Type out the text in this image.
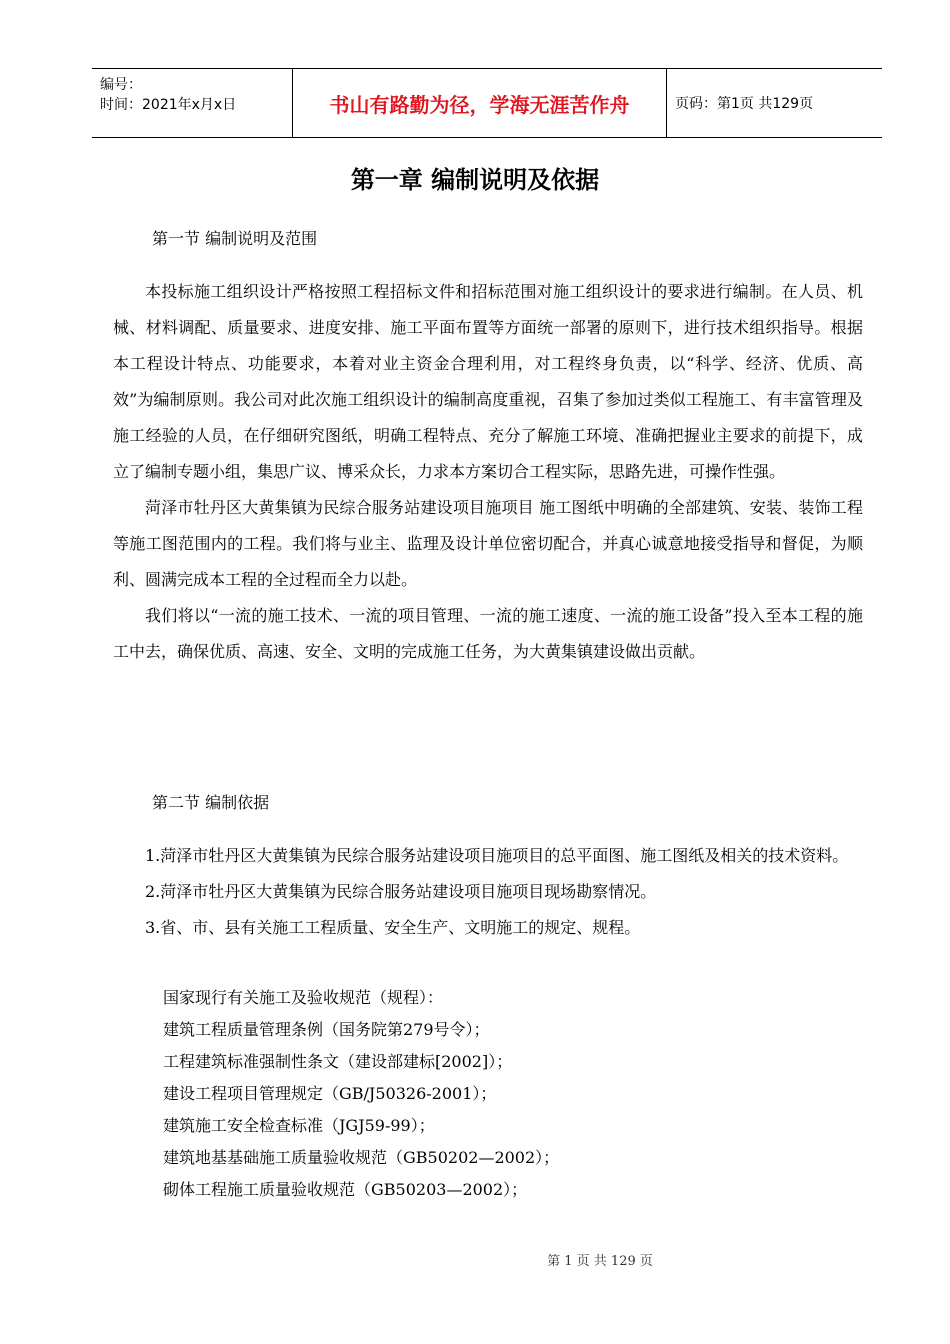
编号：
时间：2021年x月x日	书山有路勤为径，学海无涯苦作舟	页码：第1页 共129页
第一章 编制说明及依据
第一节 编制说明及范围

本投标施工组织设计严格按照工程招标文件和招标范围对施工组织设计的要求进行编制。在人员、机械、材料调配、质量要求、进度安排、施工平面布置等方面统一部署的原则下，进行技术组织指导。根据本工程设计特点、功能要求，本着对业主资金合理利用，对工程终身负责，以“科学、经济、优质、高效”为编制原则。我公司对此次施工组织设计的编制高度重视，召集了参加过类似工程施工、有丰富管理及施工经验的人员，在仔细研究图纸，明确工程特点、充分了解施工环境、准确把握业主要求的前提下，成立了编制专题小组，集思广议、博采众长，力求本方案切合工程实际，思路先进，可操作性强。

菏泽市牡丹区大黄集镇为民综合服务站建设项目施项目 施工图纸中明确的全部建筑、安装、装饰工程等施工图范围内的工程。我们将与业主、监理及设计单位密切配合，并真心诚意地接受指导和督促，为顺利、圆满完成本工程的全过程而全力以赴。

我们将以“一流的施工技术、一流的项目管理、一流的施工速度、一流的施工设备”投入至本工程的施工中去，确保优质、高速、安全、文明的完成施工任务，为大黄集镇建设做出贡献。

第二节 编制依据

1.菏泽市牡丹区大黄集镇为民综合服务站建设项目施项目的总平面图、施工图纸及相关的技术资料。

2.菏泽市牡丹区大黄集镇为民综合服务站建设项目施项目现场勘察情况。

3.省、市、县有关施工工程质量、安全生产、文明施工的规定、规程。

国家现行有关施工及验收规范（规程）：

建筑工程质量管理条例（国务院第279号令）；

工程建筑标准强制性条文（建设部建标[2002]）；

建设工程项目管理规定（GB/J50326-2001）；

建筑施工安全检查标准（JGJ59-99）；

建筑地基基础施工质量验收规范（GB50202—2002）；

砌体工程施工质量验收规范（GB50203—2002）；

第 1 页 共 129 页
